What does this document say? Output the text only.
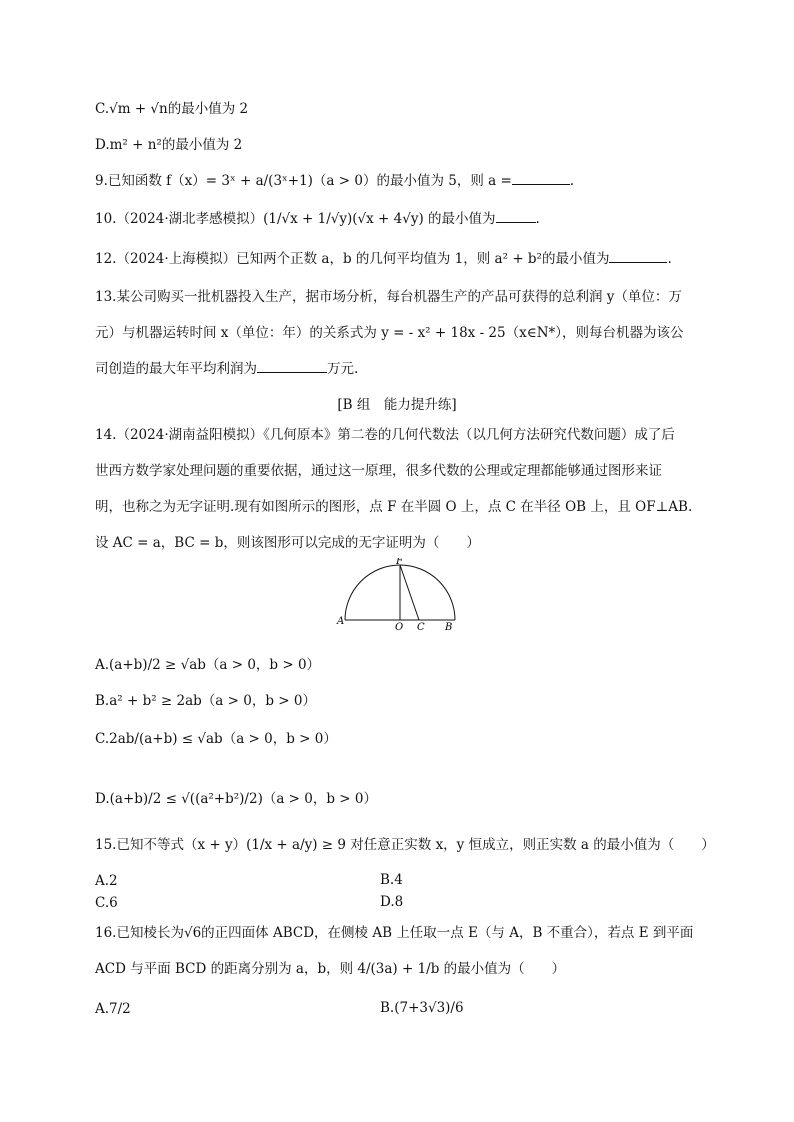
C.√m + √n的最小值为 2
D.m² + n²的最小值为 2
9.已知函数 f（x）= 3ˣ + a/(3ˣ+1)（a > 0）的最小值为 5，则 a =	.
10.（2024·湖北孝感模拟）(1/√x + 1/√y)(√x + 4√y) 的最小值为	.
12.（2024·上海模拟）已知两个正数 a，b 的几何平均值为 1，则 a² + b²的最小值为	.
13.某公司购买一批机器投入生产，据市场分析，每台机器生产的产品可获得的总利润 y（单位：万
元）与机器运转时间 x（单位：年）的关系式为 y = - x² + 18x - 25（x∈N*），则每台机器为该公
司创造的最大年平均利润为	万元.
[B 组　能力提升练]
14.（2024·湖南益阳模拟）《几何原本》第二卷的几何代数法（以几何方法研究代数问题）成了后
世西方数学家处理问题的重要依据，通过这一原理，很多代数的公理或定理都能够通过图形来证
明，也称之为无字证明.现有如图所示的图形，点 F 在半圆 O 上，点 C 在半径 OB 上，且 OF⊥AB.
设 AC = a，BC = b，则该图形可以完成的无字证明为（　　）
A
O C B
F
A.(a+b)/2 ≥ √ab（a > 0，b > 0）
B.a² + b² ≥ 2ab（a > 0，b > 0）
C.2ab/(a+b) ≤ √ab（a > 0，b > 0）
D.(a+b)/2 ≤ √((a²+b²)/2)（a > 0，b > 0）
15.已知不等式（x + y）(1/x + a/y) ≥ 9 对任意正实数 x，y 恒成立，则正实数 a 的最小值为（　　）
A.2	B.4
C.6	D.8
16.已知棱长为√6的正四面体 ABCD，在侧棱 AB 上任取一点 E（与 A，B 不重合），若点 E 到平面
ACD 与平面 BCD 的距离分别为 a，b，则 4/(3a) + 1/b 的最小值为（　　）
A.7/2	B.(7+3√3)/6
